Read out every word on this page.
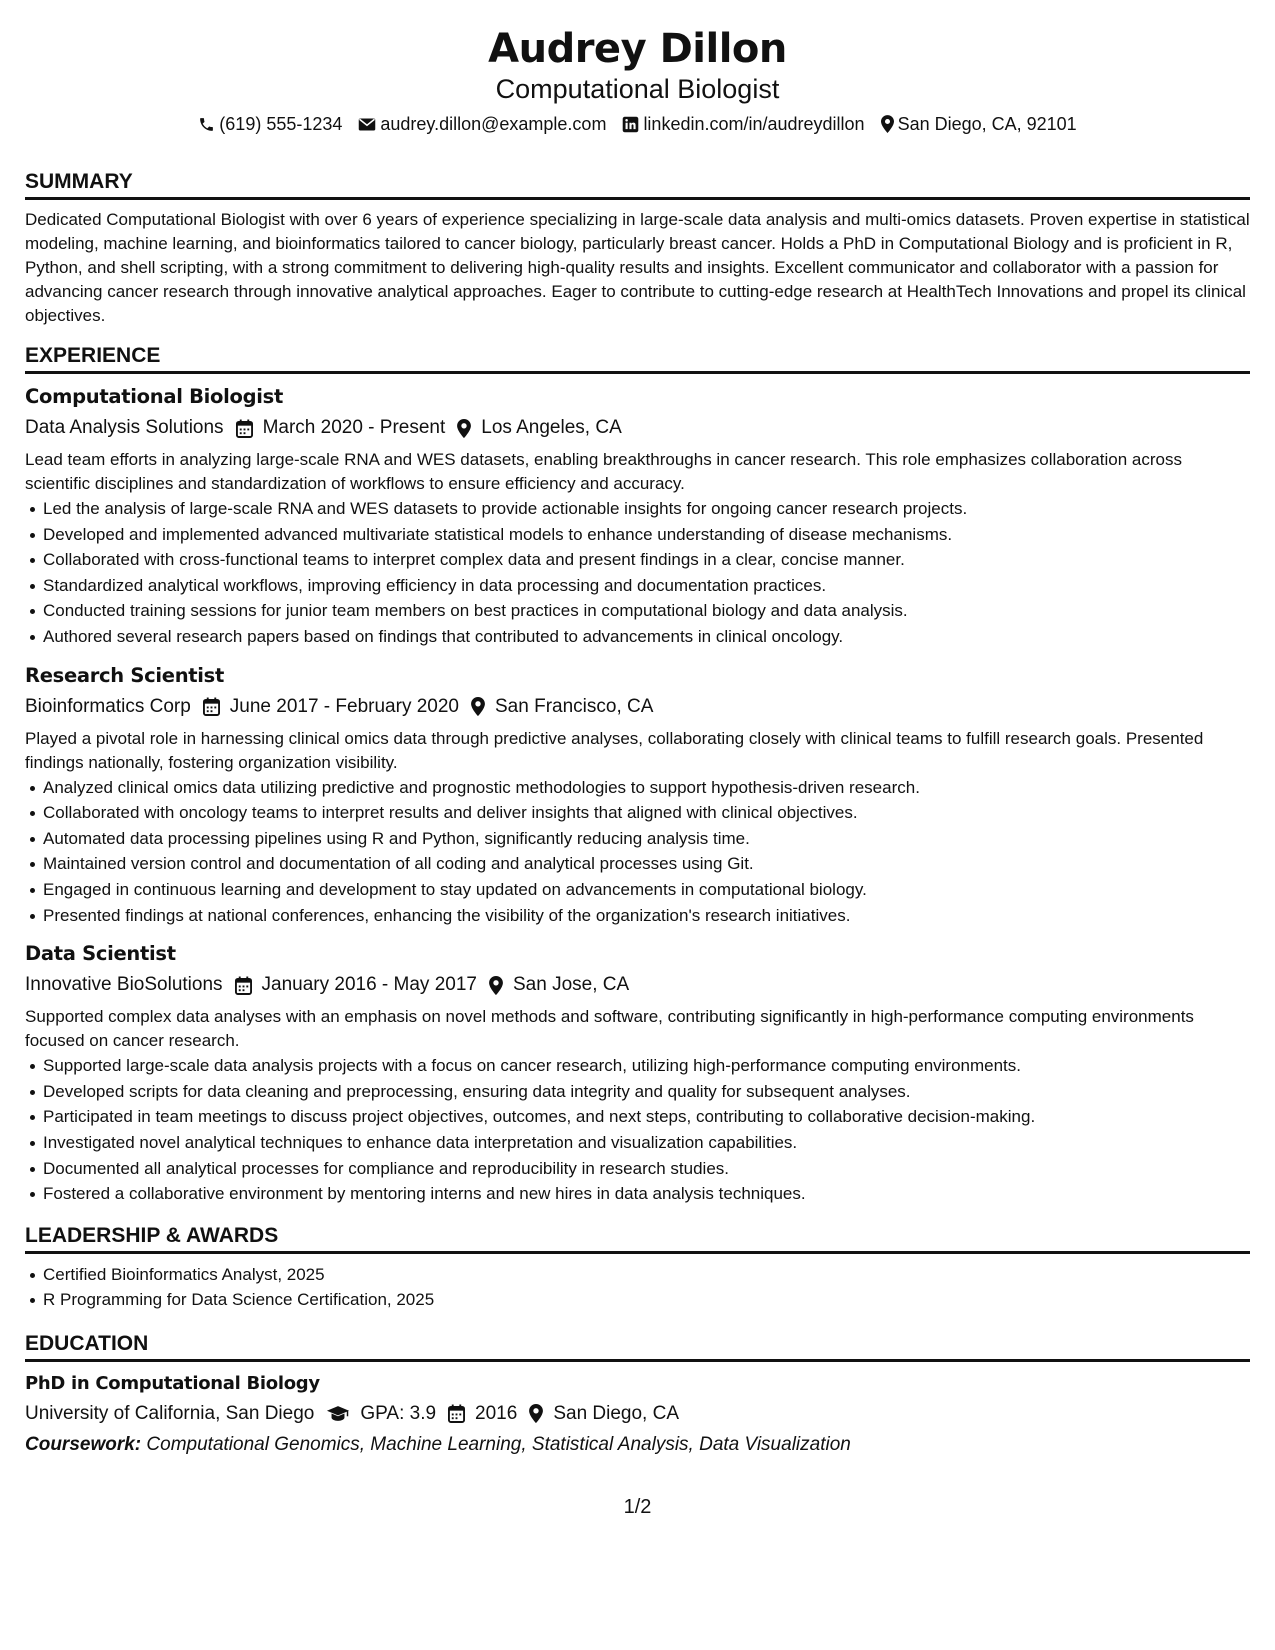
Audrey Dillon
Computational Biologist
(619) 555-1234 audrey.dillon@example.com linkedin.com/in/audreydillon San Diego, CA, 92101
SUMMARY
Dedicated Computational Biologist with over 6 years of experience specializing in large-scale data analysis and multi-omics datasets. Proven expertise in statistical modeling, machine learning, and bioinformatics tailored to cancer biology, particularly breast cancer. Holds a PhD in Computational Biology and is proficient in R, Python, and shell scripting, with a strong commitment to delivering high-quality results and insights. Excellent communicator and collaborator with a passion for advancing cancer research through innovative analytical approaches. Eager to contribute to cutting-edge research at HealthTech Innovations and propel its clinical objectives.
EXPERIENCE
Computational Biologist
Data Analysis Solutions March 2020 - Present Los Angeles, CA
Lead team efforts in analyzing large-scale RNA and WES datasets, enabling breakthroughs in cancer research. This role emphasizes collaboration across scientific disciplines and standardization of workflows to ensure efficiency and accuracy.
Led the analysis of large-scale RNA and WES datasets to provide actionable insights for ongoing cancer research projects.
Developed and implemented advanced multivariate statistical models to enhance understanding of disease mechanisms.
Collaborated with cross-functional teams to interpret complex data and present findings in a clear, concise manner.
Standardized analytical workflows, improving efficiency in data processing and documentation practices.
Conducted training sessions for junior team members on best practices in computational biology and data analysis.
Authored several research papers based on findings that contributed to advancements in clinical oncology.
Research Scientist
Bioinformatics Corp June 2017 - February 2020 San Francisco, CA
Played a pivotal role in harnessing clinical omics data through predictive analyses, collaborating closely with clinical teams to fulfill research goals. Presented findings nationally, fostering organization visibility.
Analyzed clinical omics data utilizing predictive and prognostic methodologies to support hypothesis-driven research.
Collaborated with oncology teams to interpret results and deliver insights that aligned with clinical objectives.
Automated data processing pipelines using R and Python, significantly reducing analysis time.
Maintained version control and documentation of all coding and analytical processes using Git.
Engaged in continuous learning and development to stay updated on advancements in computational biology.
Presented findings at national conferences, enhancing the visibility of the organization's research initiatives.
Data Scientist
Innovative BioSolutions January 2016 - May 2017 San Jose, CA
Supported complex data analyses with an emphasis on novel methods and software, contributing significantly in high-performance computing environments focused on cancer research.
Supported large-scale data analysis projects with a focus on cancer research, utilizing high-performance computing environments.
Developed scripts for data cleaning and preprocessing, ensuring data integrity and quality for subsequent analyses.
Participated in team meetings to discuss project objectives, outcomes, and next steps, contributing to collaborative decision-making.
Investigated novel analytical techniques to enhance data interpretation and visualization capabilities.
Documented all analytical processes for compliance and reproducibility in research studies.
Fostered a collaborative environment by mentoring interns and new hires in data analysis techniques.
LEADERSHIP & AWARDS
Certified Bioinformatics Analyst, 2025
R Programming for Data Science Certification, 2025
EDUCATION
PhD in Computational Biology
University of California, San Diego GPA: 3.9 2016 San Diego, CA
Coursework: Computational Genomics, Machine Learning, Statistical Analysis, Data Visualization
1/2
